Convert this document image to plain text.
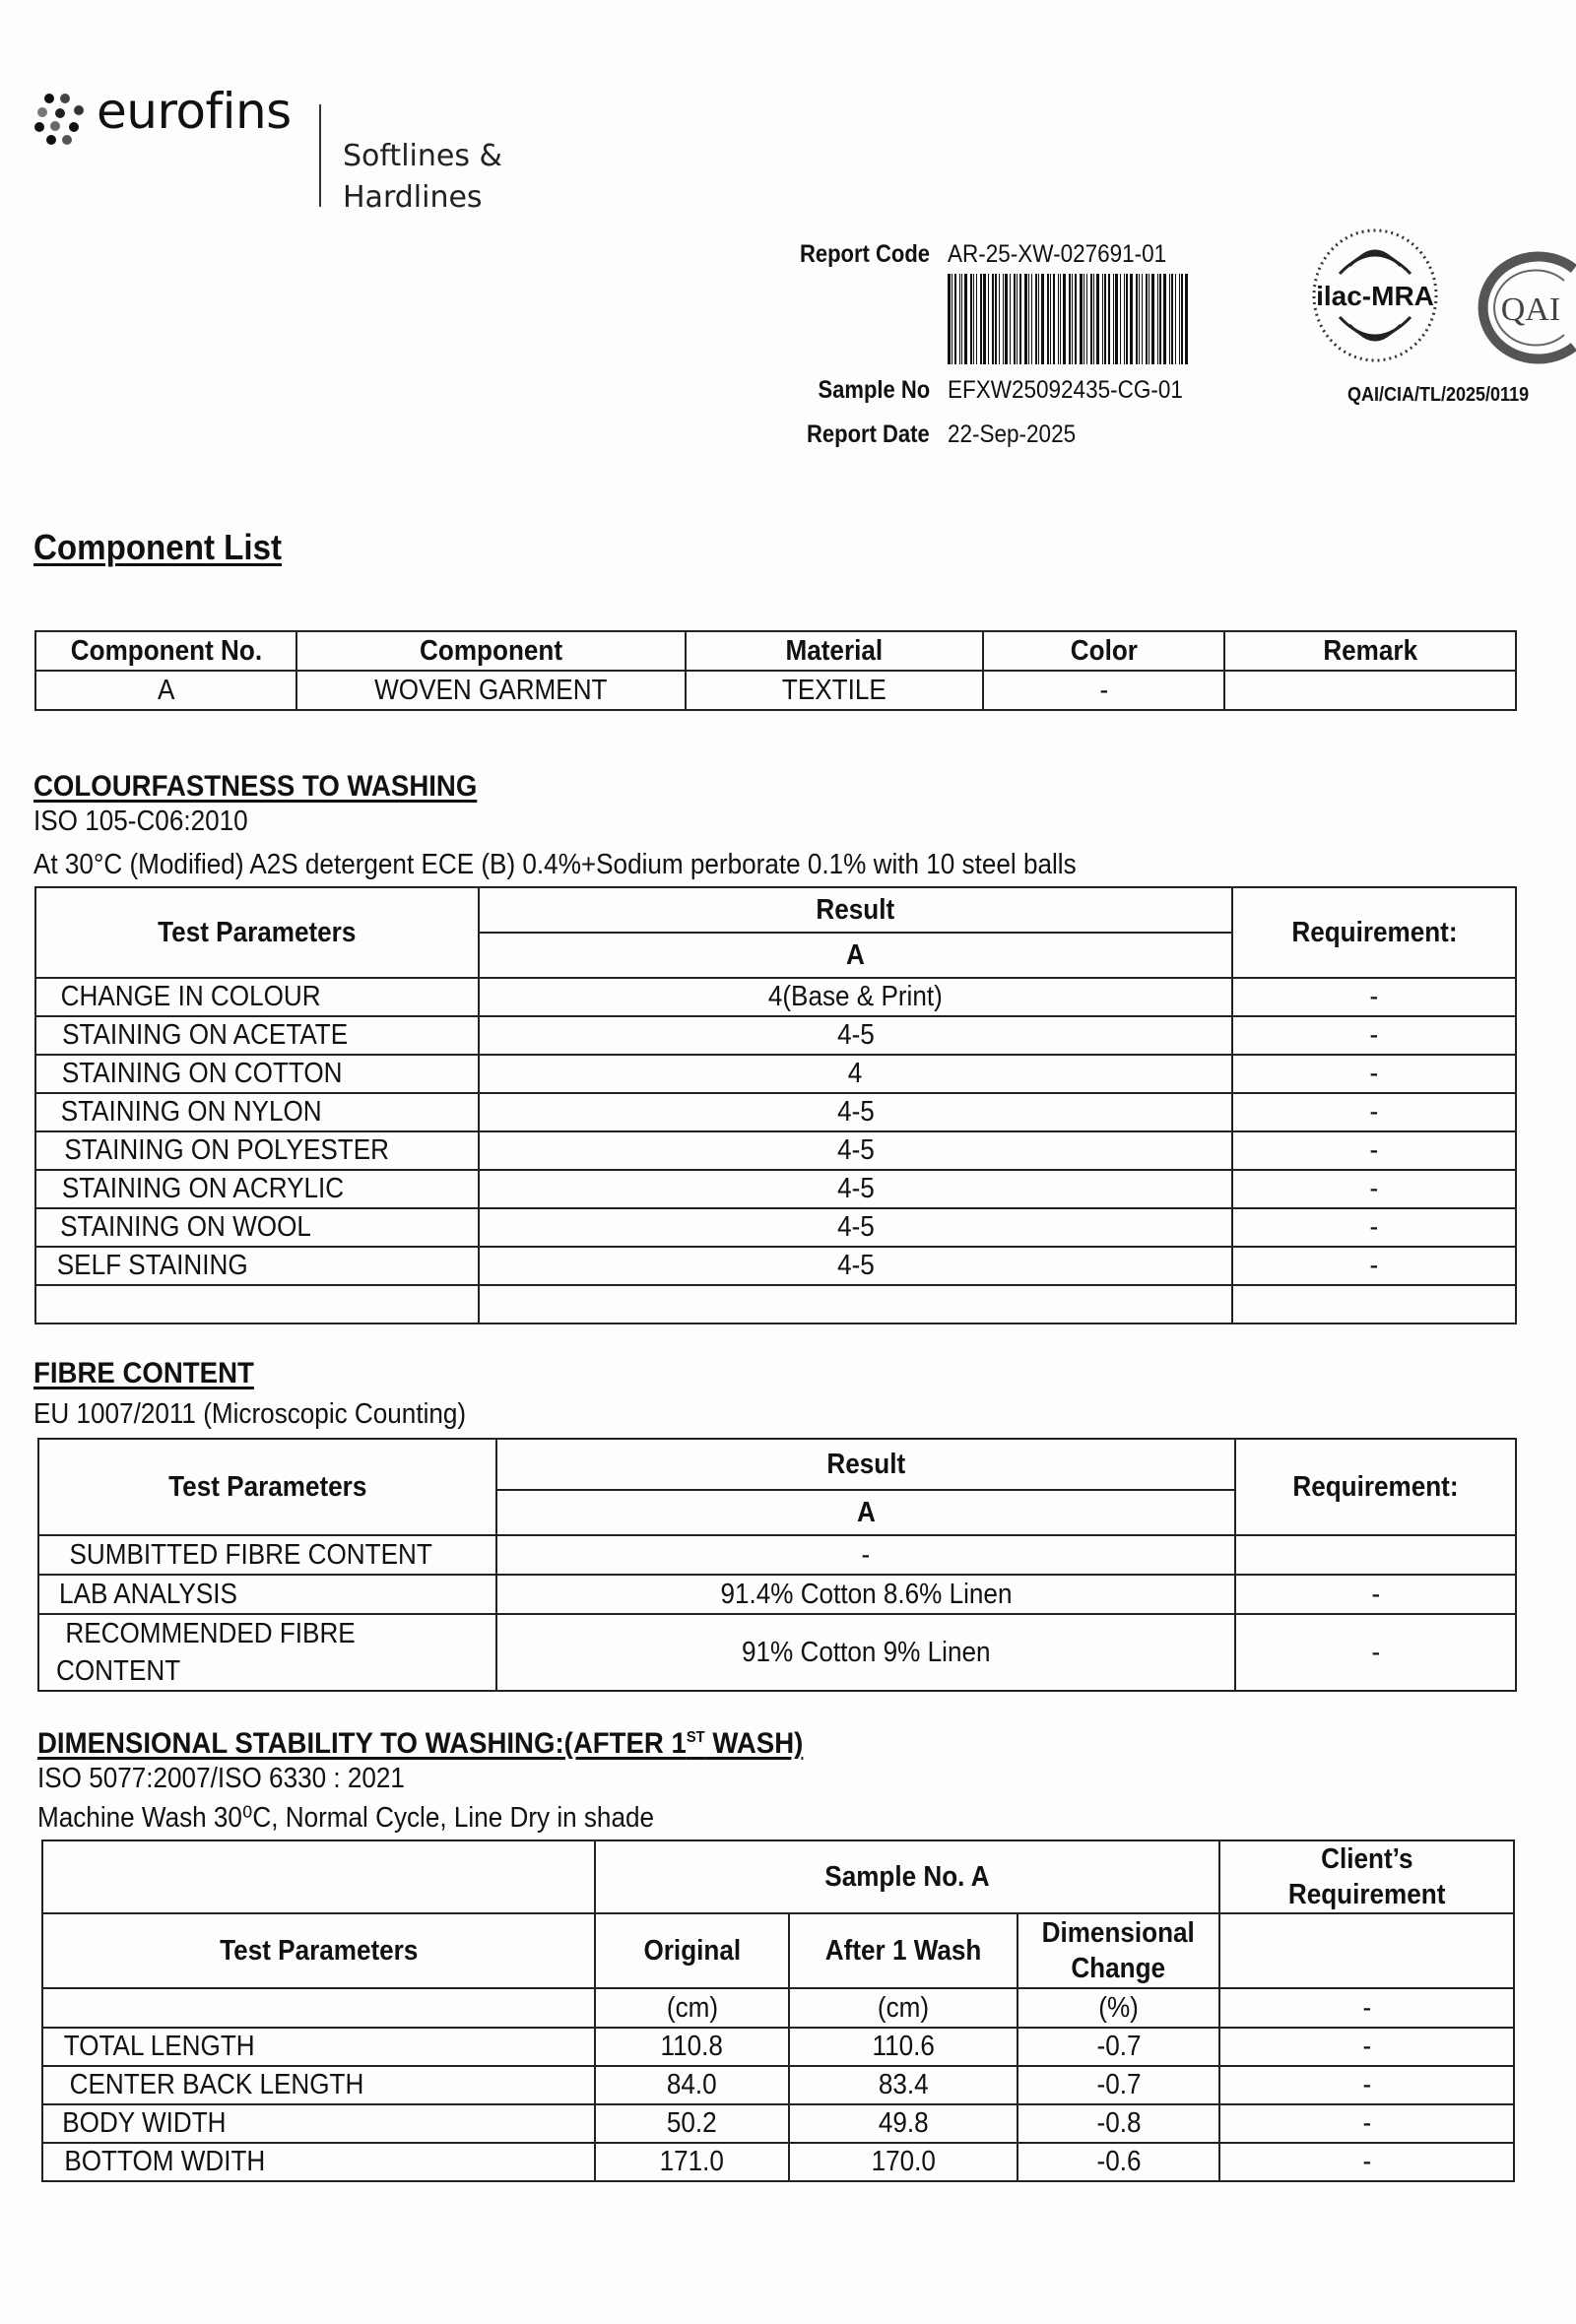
eurofins
Softlines &
Hardlines
Report Code AR-25-XW-027691-01
Sample No EFXW25092435-CG-01
Report Date 22-Sep-2025
ilac-MRA QAI
QAI/CIA/TL/2025/0119
Component List
Component No.	Component	Material	Color	Remark
A	WOVEN GARMENT	TEXTILE	-	
COLOURFASTNESS TO WASHING
ISO 105-C06:2010
At 30°C (Modified) A2S detergent ECE (B) 0.4%+Sodium perborate 0.1% with 10 steel balls
Test Parameters	Result	Requirement:
	A	
CHANGE IN COLOUR	4(Base & Print)	-
STAINING ON ACETATE	4-5	-
STAINING ON COTTON	4	-
STAINING ON NYLON	4-5	-
STAINING ON POLYESTER	4-5	-
STAINING ON ACRYLIC	4-5	-
STAINING ON WOOL	4-5	-
SELF STAINING	4-5	-

FIBRE CONTENT
EU 1007/2011 (Microscopic Counting)
Test Parameters	Result	Requirement:
	A	
SUMBITTED FIBRE CONTENT	-	
LAB ANALYSIS	91.4% Cotton 8.6% Linen	-
RECOMMENDED FIBRE
CONTENT	91% Cotton 9% Linen	-
DIMENSIONAL STABILITY TO WASHING:(AFTER 1ST WASH)
ISO 5077:2007/ISO 6330 : 2021
Machine Wash 30⁰C, Normal Cycle, Line Dry in shade
	Sample No. A			Client’s
Requirement
Test Parameters	Original	After 1 Wash	Dimensional
Change	
	(cm)	(cm)	(%)	-
TOTAL LENGTH	110.8	110.6	-0.7	-
CENTER BACK LENGTH	84.0	83.4	-0.7	-
BODY WIDTH	50.2	49.8	-0.8	-
BOTTOM WDITH	171.0	170.0	-0.6	-
